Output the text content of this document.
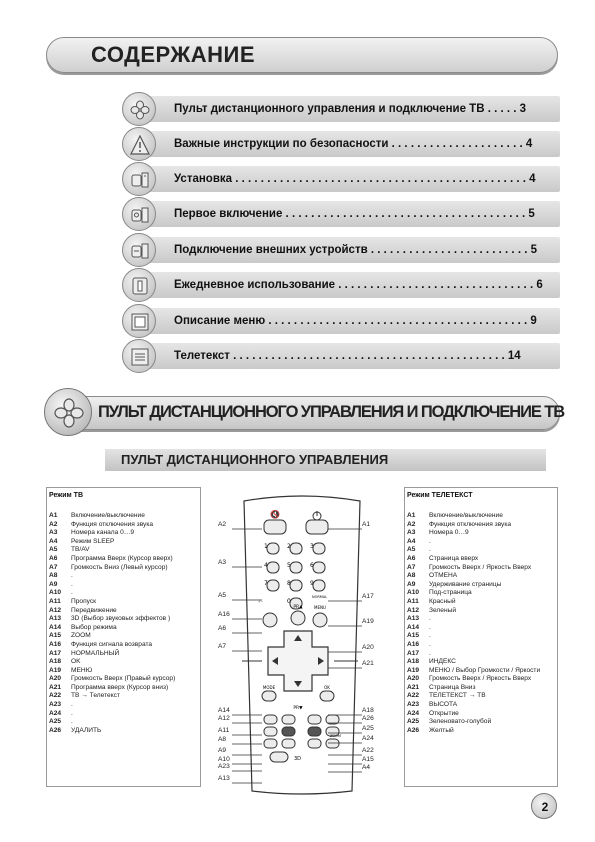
СОДЕРЖАНИЕ
Пульт дистанционного управления и подключение ТВ . . . . . 3
Важные инструкции по безопасности . . . . . . . . . . . . . . . . . . . . . 4
Установка . . . . . . . . . . . . . . . . . . . . . . . . . . . . . . . . . . . . . . . . . . . . . . 4
Первое включение . . . . . . . . . . . . . . . . . . . . . . . . . . . . . . . . . . . . . . 5
Подключение внешних устройств . . . . . . . . . . . . . . . . . . . . . . . . . 5
Ежедневное использование . . . . . . . . . . . . . . . . . . . . . . . . . . . . . . . 6
Описание меню . . . . . . . . . . . . . . . . . . . . . . . . . . . . . . . . . . . . . . . . . 9
Телетекст . . . . . . . . . . . . . . . . . . . . . . . . . . . . . . . . . . . . . . . . . . . 14
ПУЛЬТ ДИСТАНЦИОННОГО УПРАВЛЕНИЯ И ПОДКЛЮЧЕНИЕ ТВ
ПУЛЬТ ДИСТАНЦИОННОГО УПРАВЛЕНИЯ
Режим ТВ
A1 Включение/выключение
A2 Функция отключения звука
A3 Номера канала 0…9
A4 Режим SLEEP
A5 ТВ/AV
A6 Программа Вверх (Курсор вверх)
A7 Громкость Вниз (Левый курсор)
A8 .
A9 .
A10 .
A11 Пропуск
A12 Передвижение
A13 3D (Выбор звуковых эффектов )
A14 Выбор режима
A15 ZOOM
A16 Функция сигнала возврата
A17 НОРМАЛЬНЫЙ
A18 OK
A19 МЕНЮ
A20 Громкость Вверх (Правый курсор)
A21 Программа вверх (Курсор вниз)
A22 ТВ → Телетекст
A23 .
A24 .
A25 .
A26 УДАЛИТЬ
Режим ТЕЛЕТЕКСТ
A1 Включение/выключение
A2 Функция отключения звука
A3 Номера 0…9
A4 .
A5 .
A6 Страница вверх
A7 Громкость Вверх / Яркость Вверх
A8 ОТМЕНА
A9 Удерживание страницы
A10 Под-страница
A11 Красный
A12 Зеленый
A13 .
A14 .
A15 .
A16 .
A17 .
A18 ИНДЕКС
A19 МЕНЮ / Выбор Громкости / Яркости
A20 Громкость Вверх / Яркость Вверх
A21 Страница Вниз
A22 ТЕЛЕТЕКСТ → ТВ
A23 ВЫСОТА
A24 Открытие
A25 Зеленовато-голубой
A26 Желтый
🔇
1	2	3
4	5	6
7	8	9
0
PR▲	MENU
MODE	OK
PR▼
ZOOM
NORMAL
-/--
3D
A2
A3
A5
A16
A6
A7
A14
A12
A11
A8
A9
A10
A23
A13
A1
A17
A19
A20
A21
A18
A26
A25
A24
A22
A15
A4
2
